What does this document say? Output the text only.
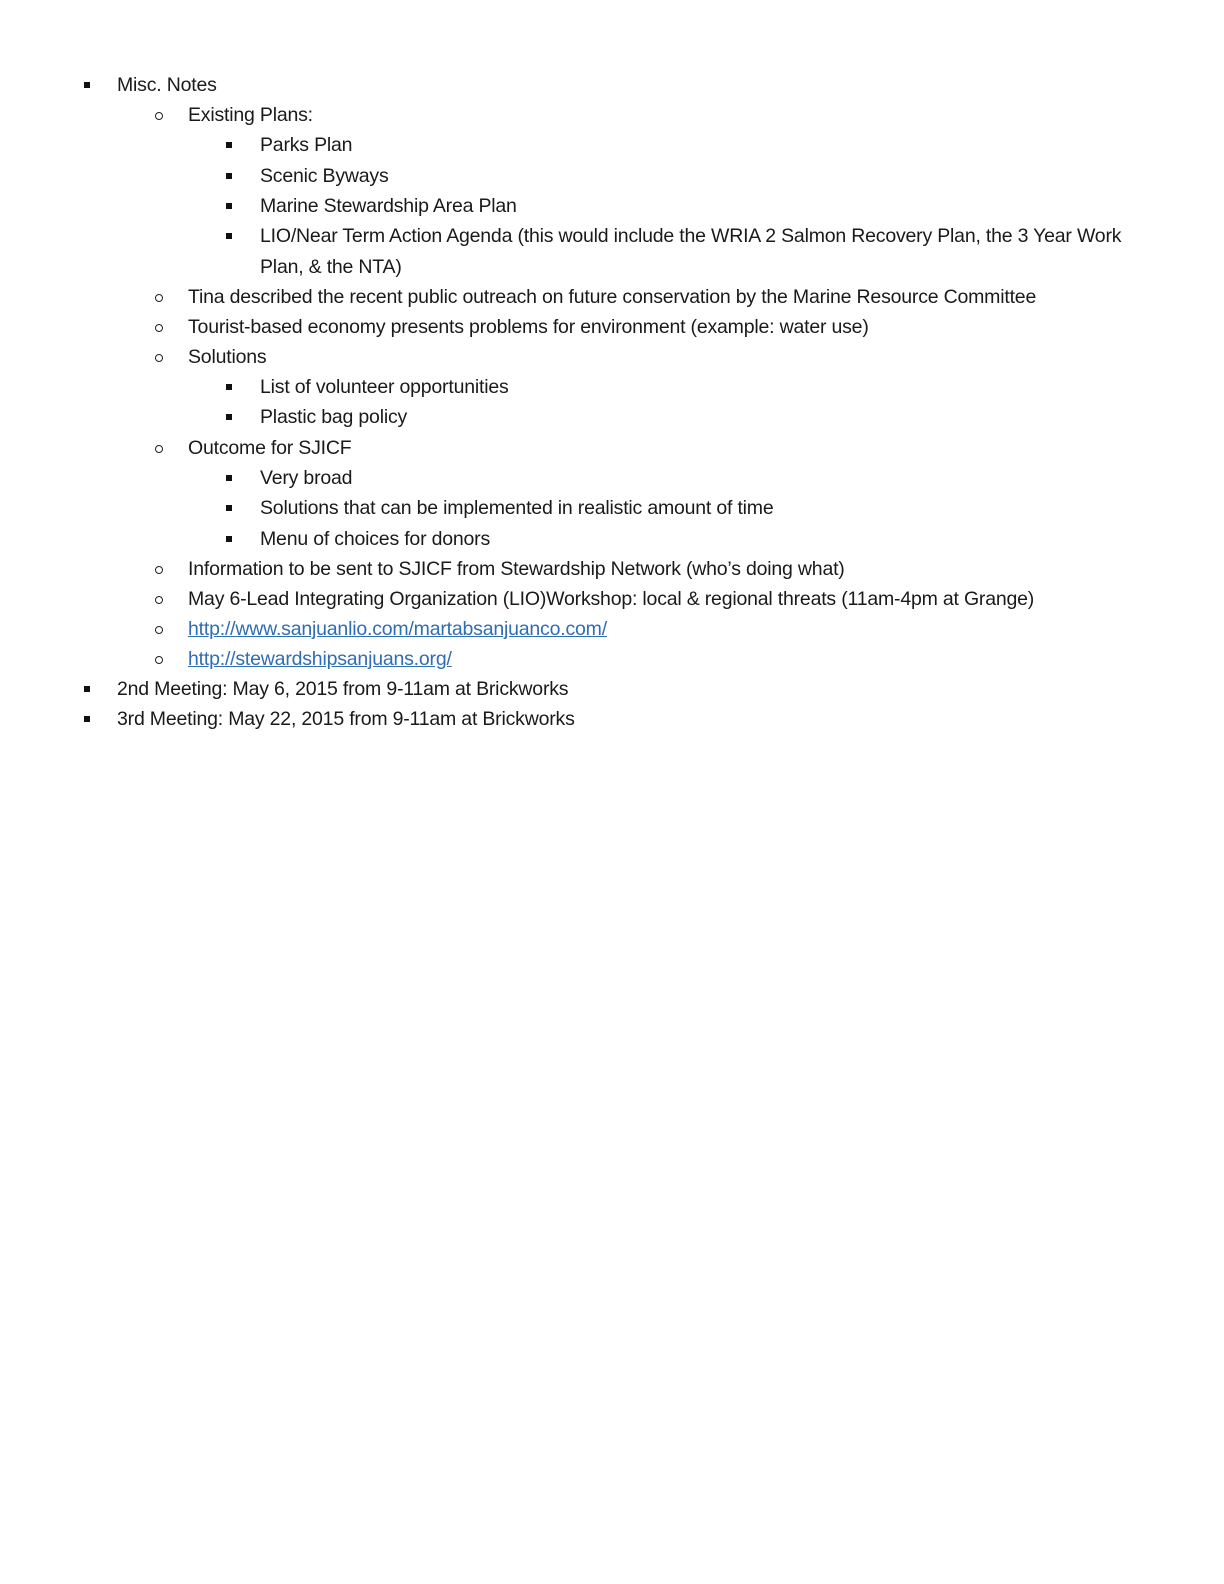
Misc. Notes
Existing Plans:
Parks Plan
Scenic Byways
Marine Stewardship Area Plan
LIO/Near Term Action Agenda (this would include the WRIA 2 Salmon Recovery Plan, the 3 Year Work
Plan, & the NTA)
Tina described the recent public outreach on future conservation by the Marine Resource Committee
Tourist-based economy presents problems for environment (example: water use)
Solutions
List of volunteer opportunities
Plastic bag policy
Outcome for SJICF
Very broad
Solutions that can be implemented in realistic amount of time
Menu of choices for donors
Information to be sent to SJICF from Stewardship Network (who’s doing what)
May 6-Lead Integrating Organization (LIO)Workshop: local & regional threats (11am-4pm at Grange)
http://www.sanjuanlio.com/martabsanjuanco.com/
http://stewardshipsanjuans.org/
2nd Meeting: May 6, 2015 from 9-11am at Brickworks
3rd Meeting: May 22, 2015 from 9-11am at Brickworks
